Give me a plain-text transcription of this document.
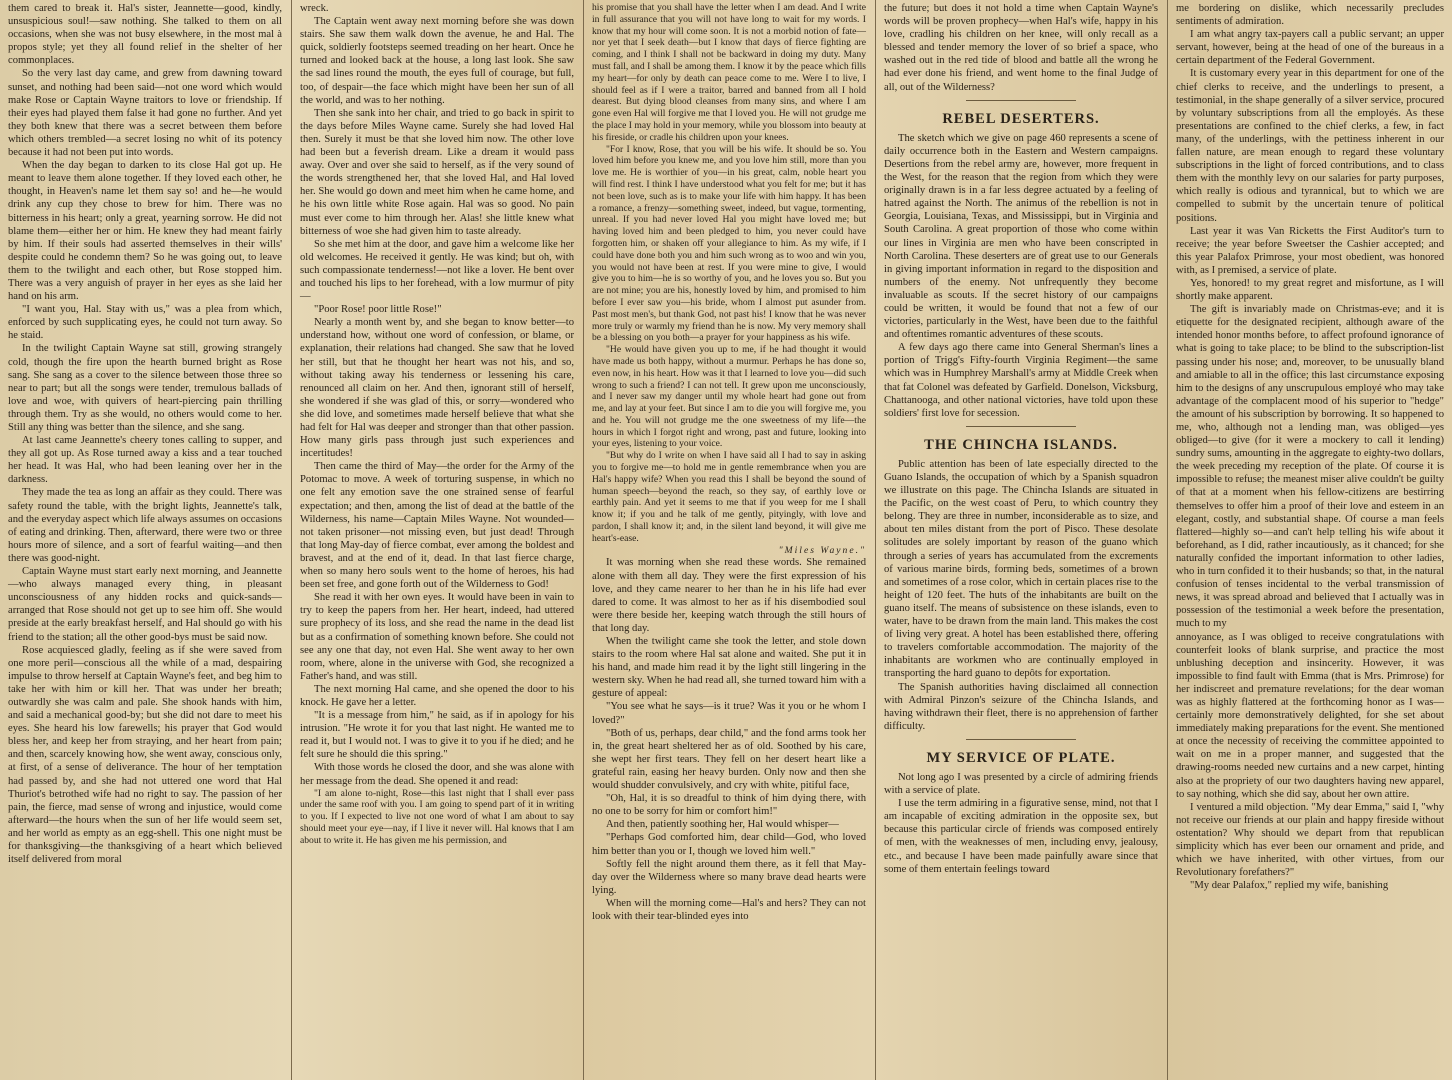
them cared to break it. Hal's sister, Jeannette—good, kindly, unsuspicious soul!—saw nothing. She talked to them on all occasions, when she was not busy elsewhere, in the most mal à propos style; yet they all found relief in the shelter of her commonplaces.

So the very last day came, and grew from dawning toward sunset, and nothing had been said—not one word which would make Rose or Captain Wayne traitors to love or friendship. If their eyes had played them false it had gone no further. And yet they both knew that there was a secret between them before which others trembled—a secret losing no whit of its potency because it had not been put into words.

When the day began to darken to its close Hal got up. He meant to leave them alone together. If they loved each other, he thought, in Heaven's name let them say so! and he—he would drink any cup they chose to brew for him. There was no bitterness in his heart; only a great, yearning sorrow. He did not blame them—either her or him. He knew they had meant fairly by him. If their souls had asserted themselves in their wills' despite could he condemn them? So he was going out, to leave them to the twilight and each other, but Rose stopped him. There was a very anguish of prayer in her eyes as she laid her hand on his arm.

"I want you, Hal. Stay with us," was a plea from which, enforced by such supplicating eyes, he could not turn away. So he staid.

In the twilight Captain Wayne sat still, growing strangely cold, though the fire upon the hearth burned bright as Rose sang. She sang as a cover to the silence between those three so near to part; but all the songs were tender, tremulous ballads of love and woe, with quivers of heart-piercing pain thrilling through them. Try as she would, no others would come to her. Still any thing was better than the silence, and she sang.

At last came Jeannette's cheery tones calling to supper, and they all got up. As Rose turned away a kiss and a tear touched her head. It was Hal, who had been leaning over her in the darkness.

They made the tea as long an affair as they could. There was safety round the table, with the bright lights, Jeannette's talk, and the everyday aspect which life always assumes on occasions of eating and drinking. Then, afterward, there were two or three hours more of silence, and a sort of fearful waiting—and then there was good-night.

Captain Wayne must start early next morning, and Jeannette—who always managed every thing, in pleasant unconsciousness of any hidden rocks and quick-sands—arranged that Rose should not get up to see him off. She would preside at the early breakfast herself, and Hal should go with his friend to the station; all the other good-bys must be said now.

Rose acquiesced gladly, feeling as if she were saved from one more peril—conscious all the while of a mad, despairing impulse to throw herself at Captain Wayne's feet, and beg him to take her with him or kill her. That was under her breath; outwardly she was calm and pale. She shook hands with him, and said a mechanical good-by; but she did not dare to meet his eyes. She heard his low farewells; his prayer that God would bless her, and keep her from straying, and her heart from pain; and then, scarcely knowing how, she went away, conscious only, at first, of a sense of deliverance. The hour of her temptation had passed by, and she had not uttered one word that Hal Thuriot's betrothed wife had no right to say. The passion of her pain, the fierce, mad sense of wrong and injustice, would come afterward—the hours when the sun of her life would seem set, and her world as empty as an egg-shell. This one night must be for thanksgiving—the thanksgiving of a heart which believed itself delivered from moral

wreck.

The Captain went away next morning before she was down stairs. She saw them walk down the avenue, he and Hal. The quick, soldierly footsteps seemed treading on her heart. Once he turned and looked back at the house, a long last look. She saw the sad lines round the mouth, the eyes full of courage, but full, too, of despair—the face which might have been her sun of all the world, and was to her nothing.

Then she sank into her chair, and tried to go back in spirit to the days before Miles Wayne came. Surely she had loved Hal then. Surely it must be that she loved him now. The other love had been but a feverish dream. Like a dream it would pass away. Over and over she said to herself, as if the very sound of the words strengthened her, that she loved Hal, and Hal loved her. She would go down and meet him when he came home, and he his own little white Rose again. Hal was so good. No pain must ever come to him through her. Alas! she little knew what bitterness of woe she had given him to taste already.

So she met him at the door, and gave him a welcome like her old welcomes. He received it gently. He was kind; but oh, with such compassionate tenderness!—not like a lover. He bent over and touched his lips to her forehead, with a low murmur of pity—

"Poor Rose! poor little Rose!"

Nearly a month went by, and she began to know better—to understand how, without one word of confession, or blame, or explanation, their relations had changed. She saw that he loved her still, but that he thought her heart was not his, and so, without taking away his tenderness or lessening his care, renounced all claim on her. And then, ignorant still of herself, she wondered if she was glad of this, or sorry—wondered who she did love, and sometimes made herself believe that what she had felt for Hal was deeper and stronger than that other passion. How many girls pass through just such experiences and incertitudes!

Then came the third of May—the order for the Army of the Potomac to move. A week of torturing suspense, in which no one felt any emotion save the one strained sense of fearful expectation; and then, among the list of dead at the battle of the Wilderness, his name—Captain Miles Wayne. Not wounded—not taken prisoner—not missing even, but just dead! Through that long May-day of fierce combat, ever among the boldest and bravest, and at the end of it, dead. In that last fierce charge, when so many hero souls went to the home of heroes, his had been set free, and gone forth out of the Wilderness to God!

She read it with her own eyes. It would have been in vain to try to keep the papers from her. Her heart, indeed, had uttered sure prophecy of its loss, and she read the name in the dead list but as a confirmation of something known before. She could not see any one that day, not even Hal. She went away to her own room, where, alone in the universe with God, she recognized a Father's hand, and was still.

The next morning Hal came, and she opened the door to his knock. He gave her a letter.

"It is a message from him," he said, as if in apology for his intrusion. "He wrote it for you that last night. He wanted me to read it, but I would not. I was to give it to you if he died; and he felt sure he should die this spring."

With those words he closed the door, and she was alone with her message from the dead. She opened it and read:

"I am alone to-night, Rose—this last night that I shall ever pass under the same roof with you. I am going to spend part of it in writing to you. If I expected to live not one word of what I am about to say should meet your eye—nay, if I live it never will. Hal knows that I am about to write it. He has given me his permission, and

his promise that you shall have the letter when I am dead. And I write in full assurance that you will not have long to wait for my words. I know that my hour will come soon. It is not a morbid notion of fate—nor yet that I seek death—but I know that days of fierce fighting are coming, and I think I shall not be backward in doing my duty. Many must fall, and I shall be among them. I know it by the peace which fills my heart—for only by death can peace come to me. Were I to live, I should feel as if I were a traitor, barred and banned from all I hold dearest. But dying blood cleanses from many sins, and where I am gone even Hal will forgive me that I loved you. He will not grudge me the place I may hold in your memory, while you blossom into beauty at his fireside, or cradle his children upon your knees.

"For I know, Rose, that you will be his wife. It should be so. You loved him before you knew me, and you love him still, more than you love me. He is worthier of you—in his great, calm, noble heart you will find rest. I think I have understood what you felt for me; but it has not been love, such as is to make your life with him happy. It has been a romance, a frenzy—something sweet, indeed, but vague, tormenting, unreal. If you had never loved Hal you might have loved me; but having loved him and been pledged to him, you never could have forgotten him, or shaken off your allegiance to him. As my wife, if I could have done both you and him such wrong as to woo and win you, you would not have been at rest. If you were mine to give, I would give you to him—he is so worthy of you, and he loves you so. But you are not mine; you are his, honestly loved by him, and promised to him before I ever saw you—his bride, whom I almost put asunder from. Past most men's, but thank God, not past his! I know that he was never more truly or warmly my friend than he is now. My very memory shall be a blessing on you both—a prayer for your happiness as his wife.

"He would have given you up to me, if he had thought it would have made us both happy, without a murmur. Perhaps he has done so, even now, in his heart. How was it that I learned to love you—did such wrong to such a friend? I can not tell. It grew upon me unconsciously, and I never saw my danger until my whole heart had gone out from me, and lay at your feet. But since I am to die you will forgive me, you and he. You will not grudge me the one sweetness of my life—the hours in which I forgot right and wrong, past and future, looking into your eyes, listening to your voice.

"But why do I write on when I have said all I had to say in asking you to forgive me—to hold me in gentle remembrance when you are Hal's happy wife? When you read this I shall be beyond the sound of human speech—beyond the reach, so they say, of earthly love or earthly pain. And yet it seems to me that if you weep for me I shall know it; if you and he talk of me gently, pityingly, with love and pardon, I shall know it; and, in the silent land beyond, it will give me heart's-ease.

"Miles Wayne."

It was morning when she read these words. She remained alone with them all day. They were the first expression of his love, and they came nearer to her than he in his life had ever dared to come. It was almost to her as if his disembodied soul were there beside her, keeping watch through the still hours of that long day.

When the twilight came she took the letter, and stole down stairs to the room where Hal sat alone and waited. She put it in his hand, and made him read it by the light still lingering in the western sky. When he had read all, she turned toward him with a gesture of appeal:

"You see what he says—is it true? Was it you or he whom I loved?"

"Both of us, perhaps, dear child," and the fond arms took her in, the great heart sheltered her as of old. Soothed by his care, she wept her first tears. They fell on her desert heart like a grateful rain, easing her heavy burden. Only now and then she would shudder convulsively, and cry with white, pitiful face,

"Oh, Hal, it is so dreadful to think of him dying there, with no one to be sorry for him or comfort him!"

And then, patiently soothing her, Hal would whisper—

"Perhaps God comforted him, dear child—God, who loved him better than you or I, though we loved him well."

Softly fell the night around them there, as it fell that May-day over the Wilderness where so many brave dead hearts were lying.

When will the morning come—Hal's and hers? They can not look with their tear-blinded eyes into

the future; but does it not hold a time when Captain Wayne's words will be proven prophecy—when Hal's wife, happy in his love, cradling his children on her knee, will only recall as a blessed and tender memory the lover of so brief a space, who washed out in the red tide of blood and battle all the wrong he had ever done his friend, and went home to the final Judge of all, out of the Wilderness?

REBEL DESERTERS.

The sketch which we give on page 460 represents a scene of daily occurrence both in the Eastern and Western campaigns. Desertions from the rebel army are, however, more frequent in the West, for the reason that the region from which they were originally drawn is in a far less degree actuated by a feeling of hatred against the North. The animus of the rebellion is not in Georgia, Louisiana, Texas, and Mississippi, but in Virginia and South Carolina. A great proportion of those who come within our lines in Virginia are men who have been conscripted in North Carolina. These deserters are of great use to our Generals in giving important information in regard to the disposition and numbers of the enemy. Not unfrequently they become invaluable as scouts. If the secret history of our campaigns could be written, it would be found that not a few of our victories, particularly in the West, have been due to the faithful and oftentimes romantic adventures of these scouts.

A few days ago there came into General Sherman's lines a portion of Trigg's Fifty-fourth Virginia Regiment—the same which was in Humphrey Marshall's army at Middle Creek when that fat Colonel was defeated by Garfield. Donelson, Vicksburg, Chattanooga, and other national victories, have told upon these soldiers' first love for secession.

THE CHINCHA ISLANDS.

Public attention has been of late especially directed to the Guano Islands, the occupation of which by a Spanish squadron we illustrate on this page. The Chincha Islands are situated in the Pacific, on the west coast of Peru, to which country they belong. They are three in number, inconsiderable as to size, and about ten miles distant from the port of Pisco. These desolate solitudes are solely important by reason of the guano which through a series of years has accumulated from the excrements of various marine birds, forming beds, sometimes of a brown and sometimes of a rose color, which in certain places rise to the height of 120 feet. The huts of the inhabitants are built on the guano itself. The means of subsistence on these islands, even to water, have to be drawn from the main land. This makes the cost of living very great. A hotel has been established there, offering to travelers comfortable accommodation. The majority of the inhabitants are workmen who are continually employed in transporting the hard guano to depôts for exportation.

The Spanish authorities having disclaimed all connection with Admiral Pinzon's seizure of the Chincha Islands, and having withdrawn their fleet, there is no apprehension of farther difficulty.

MY SERVICE OF PLATE.

Not long ago I was presented by a circle of admiring friends with a service of plate.

I use the term admiring in a figurative sense, mind, not that I am incapable of exciting admiration in the opposite sex, but because this particular circle of friends was composed entirely of men, with the weaknesses of men, including envy, jealousy, etc., and because I have been made painfully aware since that some of them entertain feelings toward

me bordering on dislike, which necessarily precludes sentiments of admiration.

I am what angry tax-payers call a public servant; an upper servant, however, being at the head of one of the bureaus in a certain department of the Federal Government.

It is customary every year in this department for one of the chief clerks to receive, and the underlings to present, a testimonial, in the shape generally of a silver service, procured by voluntary subscriptions from all the employés. As these presentations are confined to the chief clerks, a few, in fact many, of the underlings, with the pettiness inherent in our fallen nature, are mean enough to regard these voluntary subscriptions in the light of forced contributions, and to class them with the monthly levy on our salaries for party purposes, which really is odious and tyrannical, but to which we are compelled to submit by the uncertain tenure of political positions.

Last year it was Van Ricketts the First Auditor's turn to receive; the year before Sweetser the Cashier accepted; and this year Palafox Primrose, your most obedient, was honored with, as I premised, a service of plate.

Yes, honored! to my great regret and misfortune, as I will shortly make apparent.

The gift is invariably made on Christmas-eve; and it is etiquette for the designated recipient, although aware of the intended honor months before, to affect profound ignorance of what is going to take place; to be blind to the subscription-list passing under his nose; and, moreover, to be unusually bland and amiable to all in the office; this last circumstance exposing him to the designs of any unscrupulous employé who may take advantage of the complacent mood of his superior to "hedge" the amount of his subscription by borrowing. It so happened to me, who, although not a lending man, was obliged—yes obliged—to give (for it were a mockery to call it lending) sundry sums, amounting in the aggregate to eighty-two dollars, the week preceding my reception of the plate. Of course it is impossible to refuse; the meanest miser alive couldn't be guilty of that at a moment when his fellow-citizens are bestirring themselves to offer him a proof of their love and esteem in an elegant, costly, and substantial shape. Of course a man feels flattered—highly so—and can't help telling his wife about it beforehand, as I did, rather incautiously, as it chanced; for she naturally confided the important information to other ladies, who in turn confided it to their husbands; so that, in the natural confusion of tenses incidental to the verbal transmission of news, it was spread abroad and believed that I actually was in possession of the testimonial a week before the presentation, much to my

annoyance, as I was obliged to receive congratulations with counterfeit looks of blank surprise, and practice the most unblushing deception and insincerity. However, it was impossible to find fault with Emma (that is Mrs. Primrose) for her indiscreet and premature revelations; for the dear woman was as highly flattered at the forthcoming honor as I was—certainly more demonstratively delighted, for she set about immediately making preparations for the event. She mentioned at once the necessity of receiving the committee appointed to wait on me in a proper manner, and suggested that the drawing-rooms needed new curtains and a new carpet, hinting also at the propriety of our two daughters having new apparel, to say nothing, which she did say, about her own attire.

I ventured a mild objection. "My dear Emma," said I, "why not receive our friends at our plain and happy fireside without ostentation? Why should we depart from that republican simplicity which has ever been our ornament and pride, and which we have inherited, with other virtues, from our Revolutionary forefathers?"

"My dear Palafox," replied my wife, banishing
